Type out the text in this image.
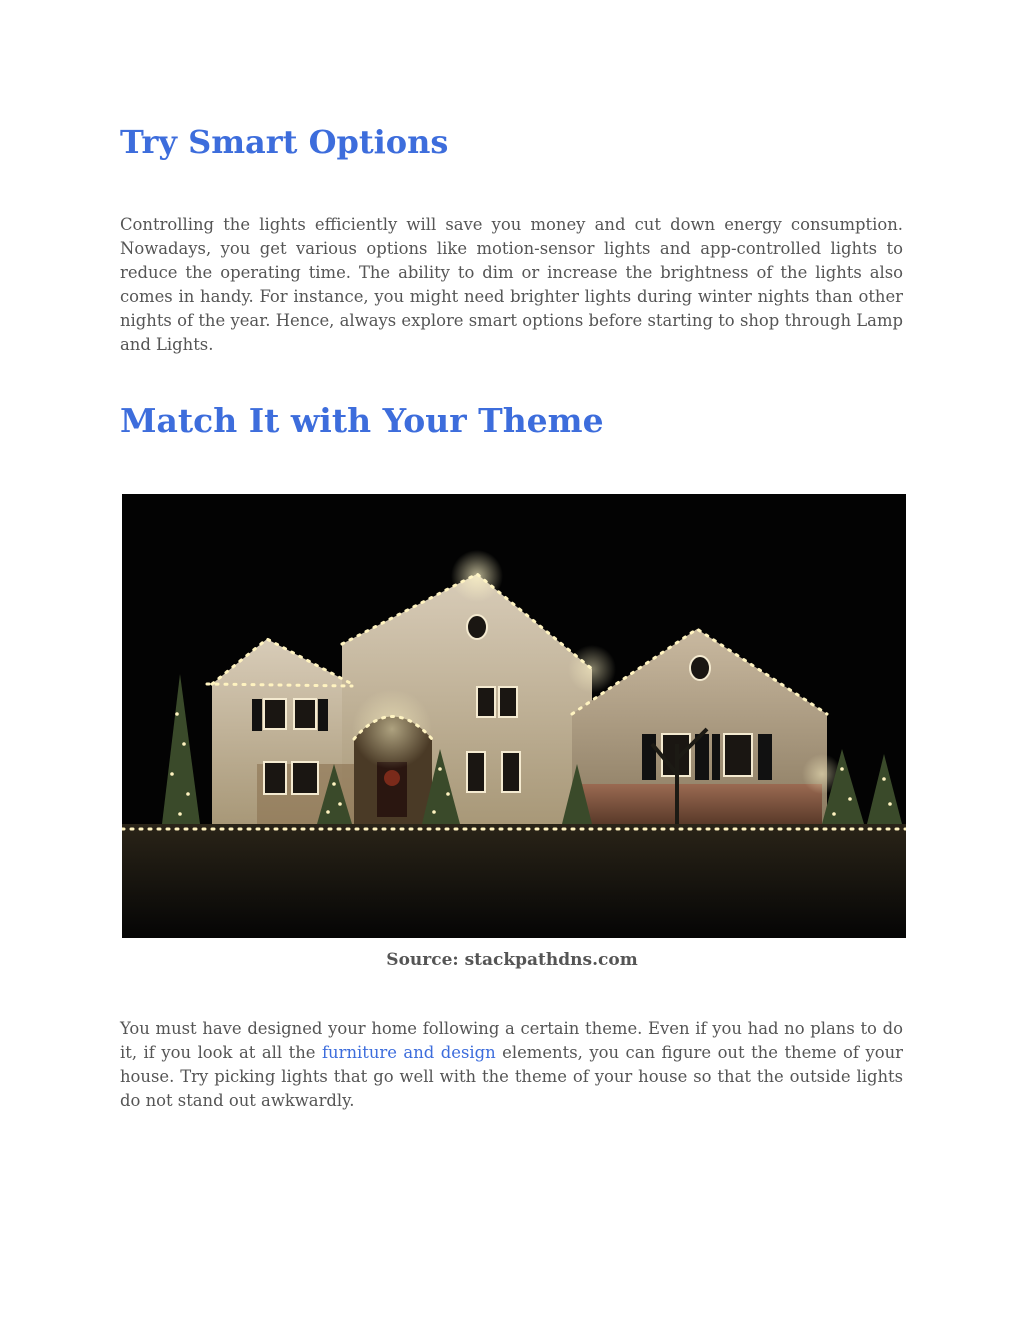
Try Smart Options

Controlling the lights efficiently will save you money and cut down energy consumption. Nowadays, you get various options like motion-sensor lights and app-controlled lights to reduce the operating time. The ability to dim or increase the brightness of the lights also comes in handy. For instance, you might need brighter lights during winter nights than other nights of the year. Hence, always explore smart options before starting to shop through Lamp and Lights.

Match It with Your Theme

Source: stackpathdns.com

You must have designed your home following a certain theme. Even if you had no plans to do it, if you look at all the furniture and design elements, you can figure out the theme of your house. Try picking lights that go well with the theme of your house so that the outside lights do not stand out awkwardly.
